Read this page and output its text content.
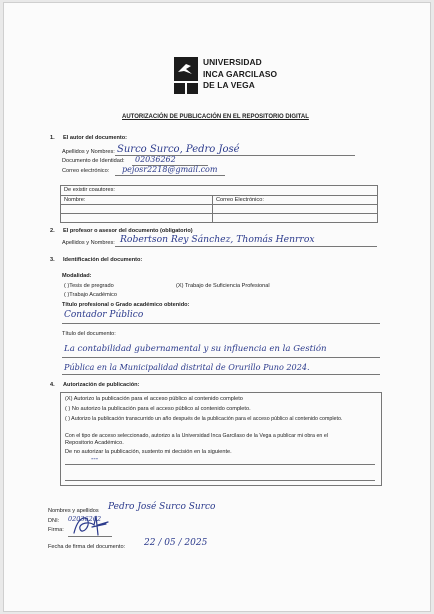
UNIVERSIDAD
INCA GARCILASO
DE LA VEGA
AUTORIZACIÓN DE PUBLICACIÓN EN EL REPOSITORIO DIGITAL
1. El autor del documento:
Apellidos y Nombres: Surco Surco, Pedro José
Documento de Identidad: 02036262
Correo electrónico: pejosr2218@gmail.com
De existir coautores:	
Nombre:	Correo Electrónico:

2. El profesor o asesor del documento (obligatorio)
Apellidos y Nombres: Robertson Rey Sánchez, Thomás Henrrox
3. Identificación del documento:
Modalidad:
( )Tesis de pregrado	(X) Trabajo de Suficiencia Profesional
( )Trabajo Académico
Título profesional o Grado académico obtenido:
Contador Público
Título del documento:
La contabilidad gubernamental y su influencia en la Gestión
Pública en la Municipalidad distrital de Orurillo Puno 2024.
4. Autorización de publicación:
(X) Autorizo la publicación para el acceso público al contenido completo
( ) No autorizo la publicación para el acceso público al contenido completo.
( ) Autorizo la publicación transcurrido un año después de la publicación para el acceso público al contenido completo.
Con el tipo de acceso seleccionado, autorizo a la Universidad Inca Garcilaso de la Vega a publicar mi obra en el
Repositorio Académico.
De no autorizar la publicación, sustento mi decisión en la siguiente.
---
Nombres y apellidos Pedro José Surco Surco
DNI: 02036262
Firma:
Fecha de firma del documento: 22 / 05 / 2025
